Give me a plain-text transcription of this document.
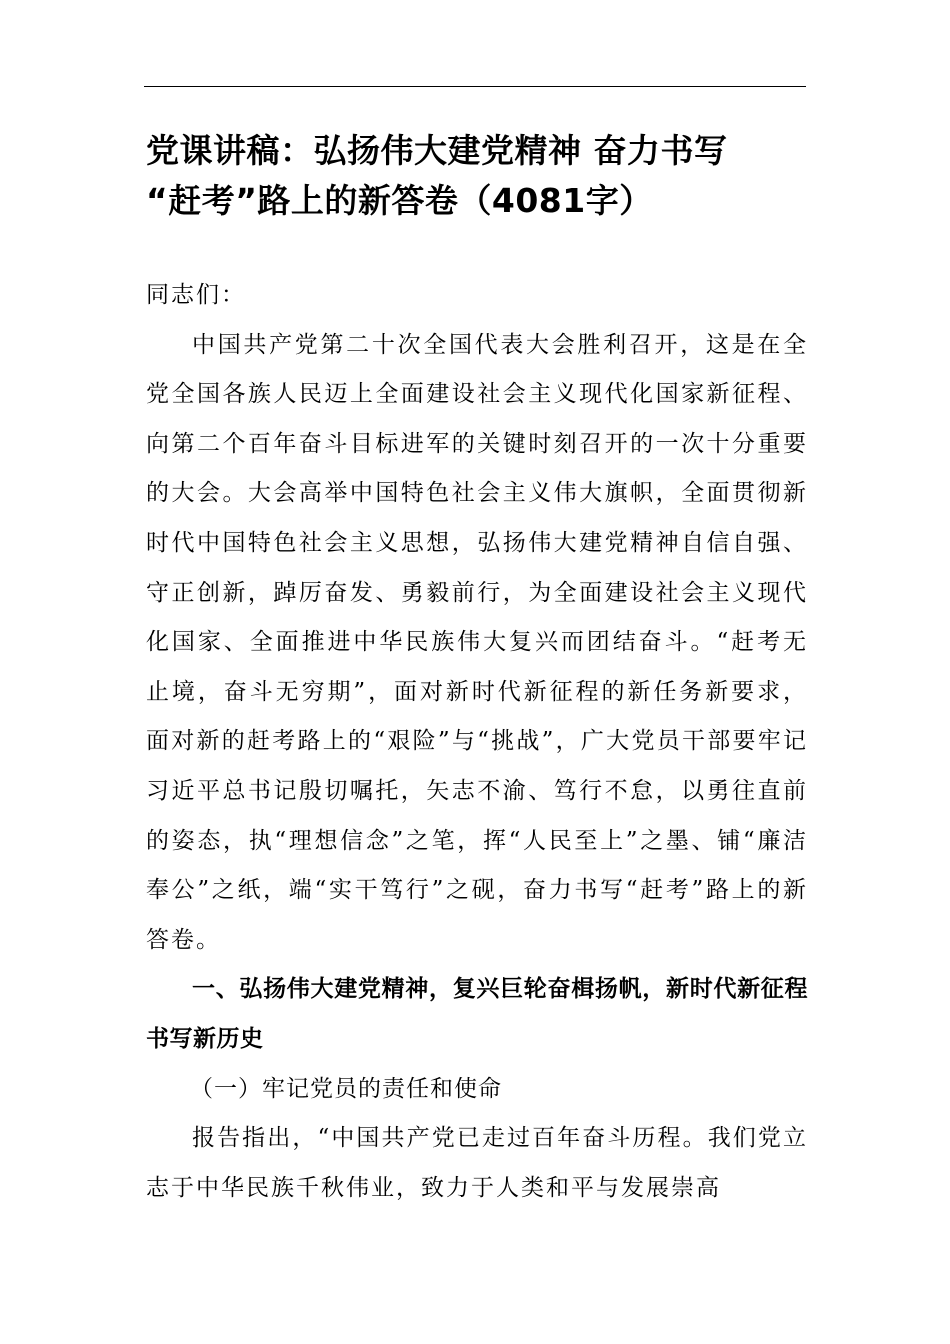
党课讲稿：弘扬伟大建党精神 奋力书写
“赶考”路上的新答卷（4081字）

同志们：

中国共产党第二十次全国代表大会胜利召开，这是在全党全国各族人民迈上全面建设社会主义现代化国家新征程、向第二个百年奋斗目标进军的关键时刻召开的一次十分重要的大会。大会高举中国特色社会主义伟大旗帜，全面贯彻新时代中国特色社会主义思想，弘扬伟大建党精神自信自强、守正创新，踔厉奋发、勇毅前行，为全面建设社会主义现代化国家、全面推进中华民族伟大复兴而团结奋斗。“赶考无止境，奋斗无穷期”，面对新时代新征程的新任务新要求，面对新的赶考路上的“艰险”与“挑战”，广大党员干部要牢记习近平总书记殷切嘱托，矢志不渝、笃行不怠，以勇往直前的姿态，执“理想信念”之笔，挥“人民至上”之墨、铺“廉洁奉公”之纸，端“实干笃行”之砚，奋力书写“赶考”路上的新答卷。

一、弘扬伟大建党精神，复兴巨轮奋楫扬帆，新时代新征程书写新历史

（一）牢记党员的责任和使命

报告指出，“中国共产党已走过百年奋斗历程。我们党立志于中华民族千秋伟业，致力于人类和平与发展崇高
